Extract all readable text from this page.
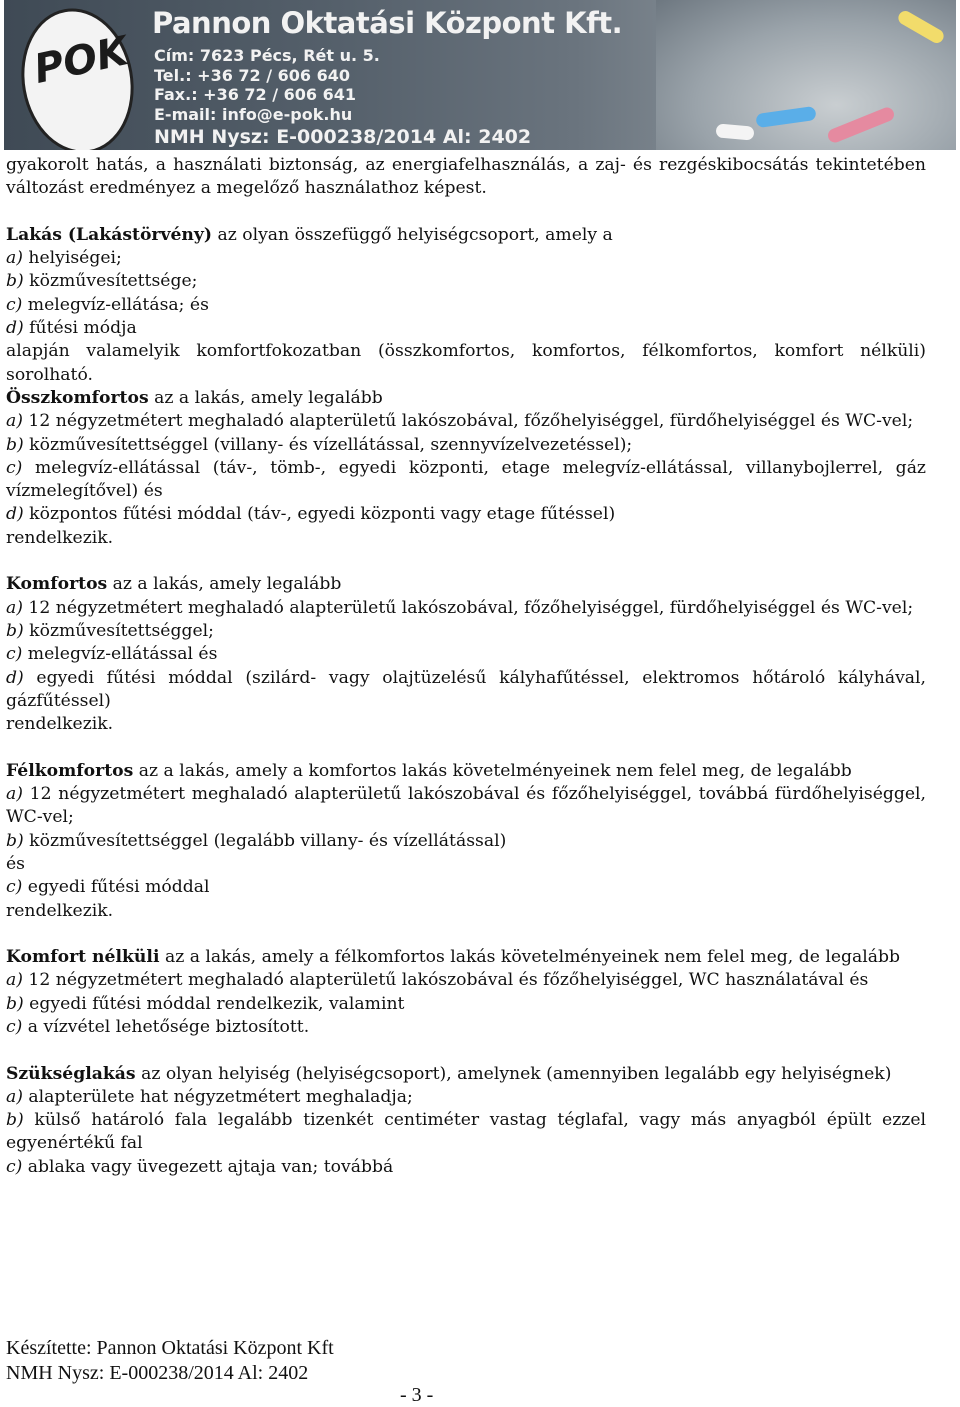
POK
Pannon Oktatási Központ Kft.
Cím: 7623 Pécs, Rét u. 5.
Tel.: +36 72 / 606 640
Fax.: +36 72 / 606 641
E-mail: info@e-pok.hu
NMH Nysz: E-000238/2014 Al: 2402

gyakorolt hatás, a használati biztonság, az energiafelhasználás, a zaj- és rezgéskibocsátás tekintetében változást eredményez a megelőző használathoz képest.

Lakás (Lakástörvény) az olyan összefüggő helyiségcsoport, amely a

a) helyiségei;

b) közművesítettsége;

c) melegvíz-ellátása; és

d) fűtési módja

alapján valamelyik komfortfokozatban (összkomfortos, komfortos, félkomfortos, komfort nélküli) sorolható.

Összkomfortos az a lakás, amely legalább

a) 12 négyzetmétert meghaladó alapterületű lakószobával, főzőhelyiséggel, fürdőhelyiséggel és WC-vel;

b) közművesítettséggel (villany- és vízellátással, szennyvízelvezetéssel);

c) melegvíz-ellátással (táv-, tömb-, egyedi központi, etage melegvíz-ellátással, villanybojlerrel, gáz vízmelegítővel) és

d) központos fűtési móddal (táv-, egyedi központi vagy etage fűtéssel)

rendelkezik.

Komfortos az a lakás, amely legalább

a) 12 négyzetmétert meghaladó alapterületű lakószobával, főzőhelyiséggel, fürdőhelyiséggel és WC-vel;

b) közművesítettséggel;

c) melegvíz-ellátással és

d) egyedi fűtési móddal (szilárd- vagy olajtüzelésű kályhafűtéssel, elektromos hőtároló kályhával, gázfűtéssel)

rendelkezik.

Félkomfortos az a lakás, amely a komfortos lakás követelményeinek nem felel meg, de legalább

a) 12 négyzetmétert meghaladó alapterületű lakószobával és főzőhelyiséggel, továbbá fürdőhelyiséggel, WC-vel;

b) közművesítettséggel (legalább villany- és vízellátással)

és

c) egyedi fűtési móddal

rendelkezik.

Komfort nélküli az a lakás, amely a félkomfortos lakás követelményeinek nem felel meg, de legalább

a) 12 négyzetmétert meghaladó alapterületű lakószobával és főzőhelyiséggel, WC használatával és

b) egyedi fűtési móddal rendelkezik, valamint

c) a vízvétel lehetősége biztosított.

Szükséglakás az olyan helyiség (helyiségcsoport), amelynek (amennyiben legalább egy helyiségnek)

a) alapterülete hat négyzetmétert meghaladja;

b) külső határoló fala legalább tizenkét centiméter vastag téglafal, vagy más anyagból épült ezzel egyenértékű fal

c) ablaka vagy üvegezett ajtaja van; továbbá

Készítette: Pannon Oktatási Központ Kft
NMH Nysz: E-000238/2014 Al: 2402
- 3 -
